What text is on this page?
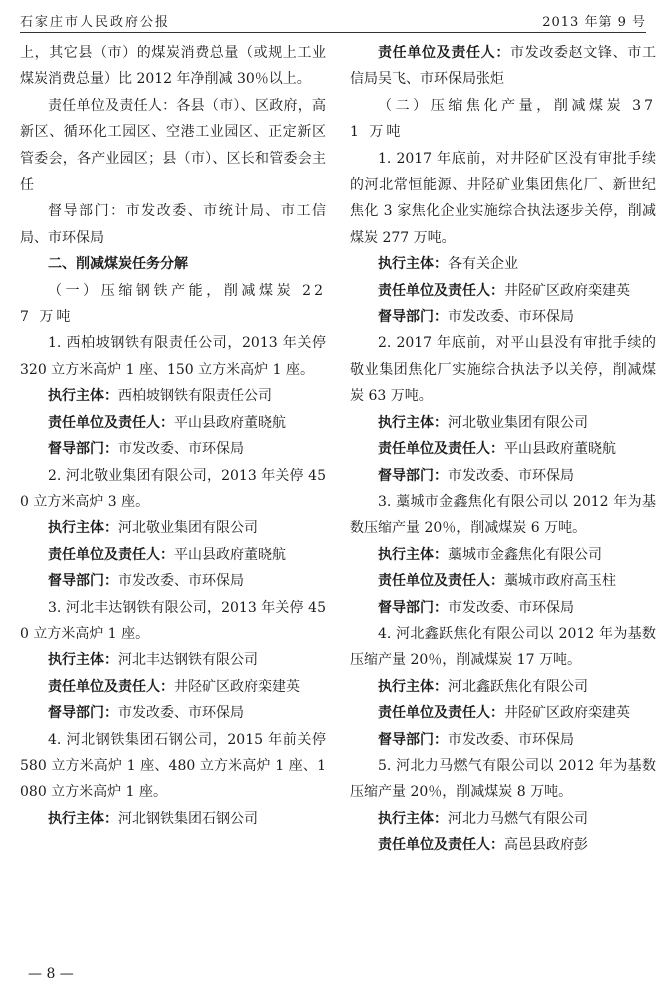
石家庄市人民政府公报	2013 年第 9 号

上，其它县（市）的煤炭消费总量（或规上工业煤炭消费总量）比 2012 年净削减 30％以上。

责任单位及责任人：各县（市）、区政府，高新区、循环化工园区、空港工业园区、正定新区管委会，各产业园区；县（市）、区长和管委会主任

督导部门：市发改委、市统计局、市工信局、市环保局

二、削减煤炭任务分解

（一）压缩钢铁产能，削减煤炭 227 万吨

1. 西柏坡钢铁有限责任公司，2013 年关停 320 立方米高炉 1 座、150 立方米高炉 1 座。

执行主体：西柏坡钢铁有限责任公司

责任单位及责任人：平山县政府董晓航

督导部门：市发改委、市环保局

2. 河北敬业集团有限公司，2013 年关停 450 立方米高炉 3 座。

执行主体：河北敬业集团有限公司

责任单位及责任人：平山县政府董晓航

督导部门：市发改委、市环保局

3. 河北丰达钢铁有限公司，2013 年关停 450 立方米高炉 1 座。

执行主体：河北丰达钢铁有限公司

责任单位及责任人：井陉矿区政府栾建英

督导部门：市发改委、市环保局

4. 河北钢铁集团石钢公司，2015 年前关停 580 立方米高炉 1 座、480 立方米高炉 1 座、1080 立方米高炉 1 座。

执行主体：河北钢铁集团石钢公司

责任单位及责任人：市发改委赵文锋、市工信局吴飞、市环保局张炬

（二）压缩焦化产量，削减煤炭 371 万吨

1. 2017 年底前，对井陉矿区没有审批手续的河北常恒能源、井陉矿业集团焦化厂、新世纪焦化 3 家焦化企业实施综合执法逐步关停，削减煤炭 277 万吨。

执行主体：各有关企业

责任单位及责任人：井陉矿区政府栾建英

督导部门：市发改委、市环保局

2. 2017 年底前，对平山县没有审批手续的敬业集团焦化厂实施综合执法予以关停，削减煤炭 63 万吨。

执行主体：河北敬业集团有限公司

责任单位及责任人：平山县政府董晓航

督导部门：市发改委、市环保局

3. 藁城市金鑫焦化有限公司以 2012 年为基数压缩产量 20％，削减煤炭 6 万吨。

执行主体：藁城市金鑫焦化有限公司

责任单位及责任人：藁城市政府高玉柱

督导部门：市发改委、市环保局

4. 河北鑫跃焦化有限公司以 2012 年为基数压缩产量 20％，削减煤炭 17 万吨。

执行主体：河北鑫跃焦化有限公司

责任单位及责任人：井陉矿区政府栾建英

督导部门：市发改委、市环保局

5. 河北力马燃气有限公司以 2012 年为基数压缩产量 20％，削减煤炭 8 万吨。

执行主体：河北力马燃气有限公司

责任单位及责任人：高邑县政府彭

— 8 —
